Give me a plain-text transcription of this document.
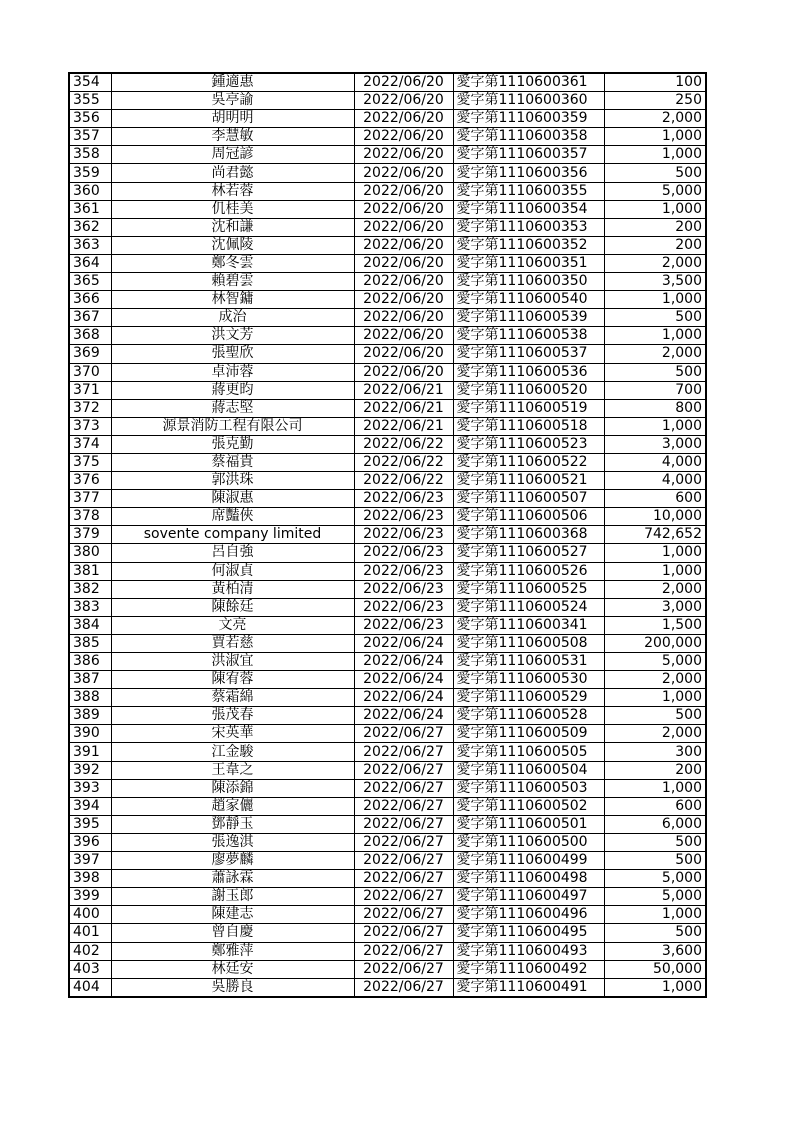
354	鍾適惠	2022/06/20	愛字第1110600361	100
355	吳亭諭	2022/06/20	愛字第1110600360	250
356	胡明明	2022/06/20	愛字第1110600359	2,000
357	李慧敏	2022/06/20	愛字第1110600358	1,000
358	周冠諺	2022/06/20	愛字第1110600357	1,000
359	尚君懿	2022/06/20	愛字第1110600356	500
360	林若蓉	2022/06/20	愛字第1110600355	5,000
361	仉桂美	2022/06/20	愛字第1110600354	1,000
362	沈和謙	2022/06/20	愛字第1110600353	200
363	沈佩陵	2022/06/20	愛字第1110600352	200
364	鄭冬雲	2022/06/20	愛字第1110600351	2,000
365	賴碧雲	2022/06/20	愛字第1110600350	3,500
366	林智鏞	2022/06/20	愛字第1110600540	1,000
367	成治	2022/06/20	愛字第1110600539	500
368	洪文芳	2022/06/20	愛字第1110600538	1,000
369	張聖欣	2022/06/20	愛字第1110600537	2,000
370	卓沛蓉	2022/06/20	愛字第1110600536	500
371	蔣更昀	2022/06/21	愛字第1110600520	700
372	蔣志堅	2022/06/21	愛字第1110600519	800
373	源景消防工程有限公司	2022/06/21	愛字第1110600518	1,000
374	張克勤	2022/06/22	愛字第1110600523	3,000
375	蔡福貴	2022/06/22	愛字第1110600522	4,000
376	郭洪珠	2022/06/22	愛字第1110600521	4,000
377	陳淑惠	2022/06/23	愛字第1110600507	600
378	席豔俠	2022/06/23	愛字第1110600506	10,000
379	sovente company limited	2022/06/23	愛字第1110600368	742,652
380	呂自強	2022/06/23	愛字第1110600527	1,000
381	何淑貞	2022/06/23	愛字第1110600526	1,000
382	黃柏清	2022/06/23	愛字第1110600525	2,000
383	陳餘廷	2022/06/23	愛字第1110600524	3,000
384	文亮	2022/06/23	愛字第1110600341	1,500
385	賈若慈	2022/06/24	愛字第1110600508	200,000
386	洪淑宜	2022/06/24	愛字第1110600531	5,000
387	陳宥蓉	2022/06/24	愛字第1110600530	2,000
388	蔡霜綿	2022/06/24	愛字第1110600529	1,000
389	張茂春	2022/06/24	愛字第1110600528	500
390	宋英華	2022/06/27	愛字第1110600509	2,000
391	江金駿	2022/06/27	愛字第1110600505	300
392	王韋之	2022/06/27	愛字第1110600504	200
393	陳添錦	2022/06/27	愛字第1110600503	1,000
394	趙家儷	2022/06/27	愛字第1110600502	600
395	鄧靜玉	2022/06/27	愛字第1110600501	6,000
396	張逸淇	2022/06/27	愛字第1110600500	500
397	廖夢麟	2022/06/27	愛字第1110600499	500
398	蕭詠霖	2022/06/27	愛字第1110600498	5,000
399	謝玉郎	2022/06/27	愛字第1110600497	5,000
400	陳建志	2022/06/27	愛字第1110600496	1,000
401	曾自慶	2022/06/27	愛字第1110600495	500
402	鄭雅萍	2022/06/27	愛字第1110600493	3,600
403	林廷安	2022/06/27	愛字第1110600492	50,000
404	吳勝良	2022/06/27	愛字第1110600491	1,000
